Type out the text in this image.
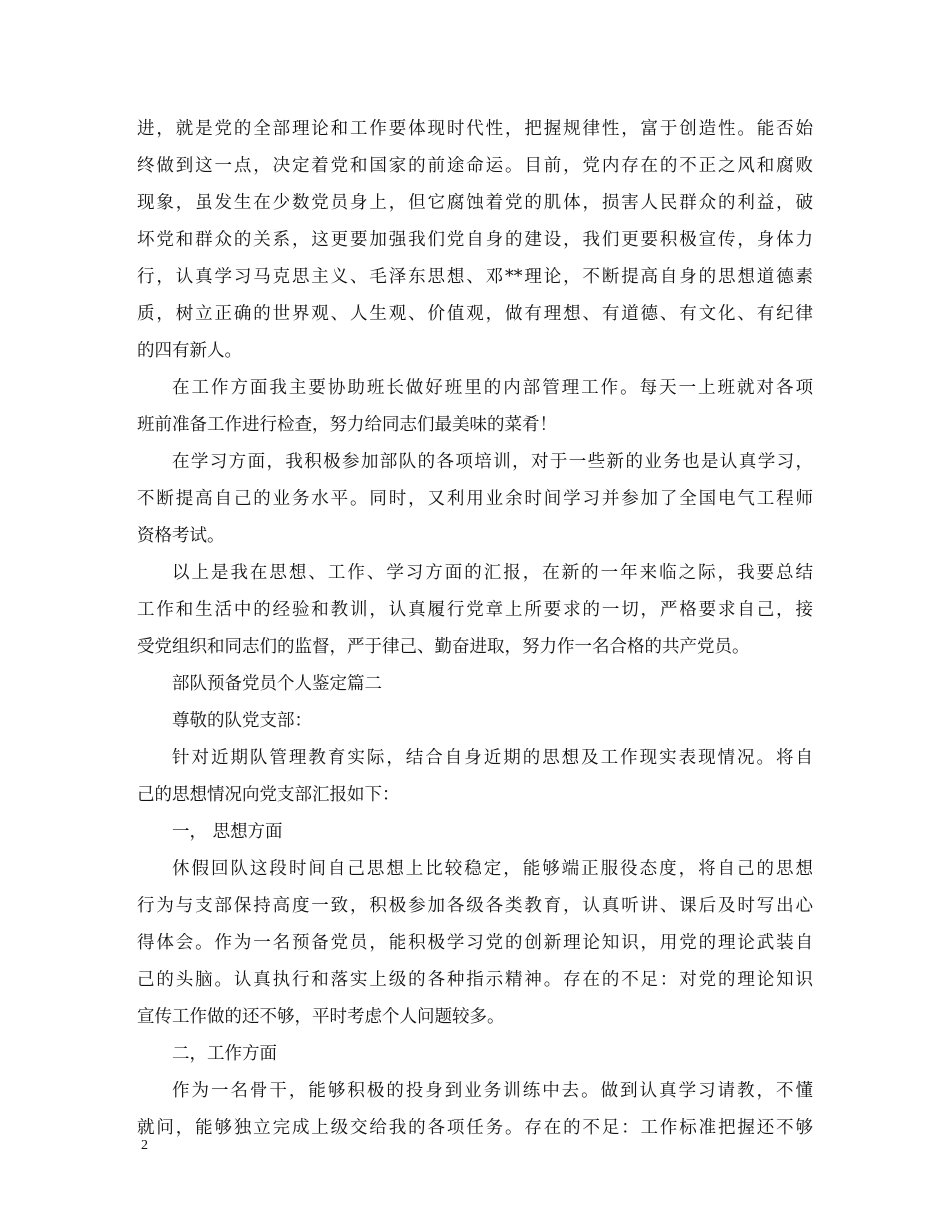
进，就是党的全部理论和工作要体现时代性，把握规律性，富于创造性。能否始
终做到这一点，决定着党和国家的前途命运。目前，党内存在的不正之风和腐败
现象，虽发生在少数党员身上，但它腐蚀着党的肌体，损害人民群众的利益，破
坏党和群众的关系，这更要加强我们党自身的建设，我们更要积极宣传，身体力
行，认真学习马克思主义、毛泽东思想、邓**理论，不断提高自身的思想道德素
质，树立正确的世界观、人生观、价值观，做有理想、有道德、有文化、有纪律
的四有新人。
在工作方面我主要协助班长做好班里的内部管理工作。每天一上班就对各项
班前准备工作进行检查，努力给同志们最美味的菜肴！
在学习方面，我积极参加部队的各项培训，对于一些新的业务也是认真学习，
不断提高自己的业务水平。同时，又利用业余时间学习并参加了全国电气工程师
资格考试。
以上是我在思想、工作、学习方面的汇报，在新的一年来临之际，我要总结
工作和生活中的经验和教训，认真履行党章上所要求的一切，严格要求自己，接
受党组织和同志们的监督，严于律己、勤奋进取，努力作一名合格的共产党员。
部队预备党员个人鉴定篇二
尊敬的队党支部：
针对近期队管理教育实际，结合自身近期的思想及工作现实表现情况。将自
己的思想情况向党支部汇报如下：
一， 思想方面
休假回队这段时间自己思想上比较稳定，能够端正服役态度，将自己的思想
行为与支部保持高度一致，积极参加各级各类教育，认真听讲、课后及时写出心
得体会。作为一名预备党员，能积极学习党的创新理论知识，用党的理论武装自
己的头脑。认真执行和落实上级的各种指示精神。存在的不足：对党的理论知识
宣传工作做的还不够，平时考虑个人问题较多。
二，工作方面
作为一名骨干，能够积极的投身到业务训练中去。做到认真学习请教，不懂
就问，能够独立完成上级交给我的各项任务。存在的不足：工作标准把握还不够
2
